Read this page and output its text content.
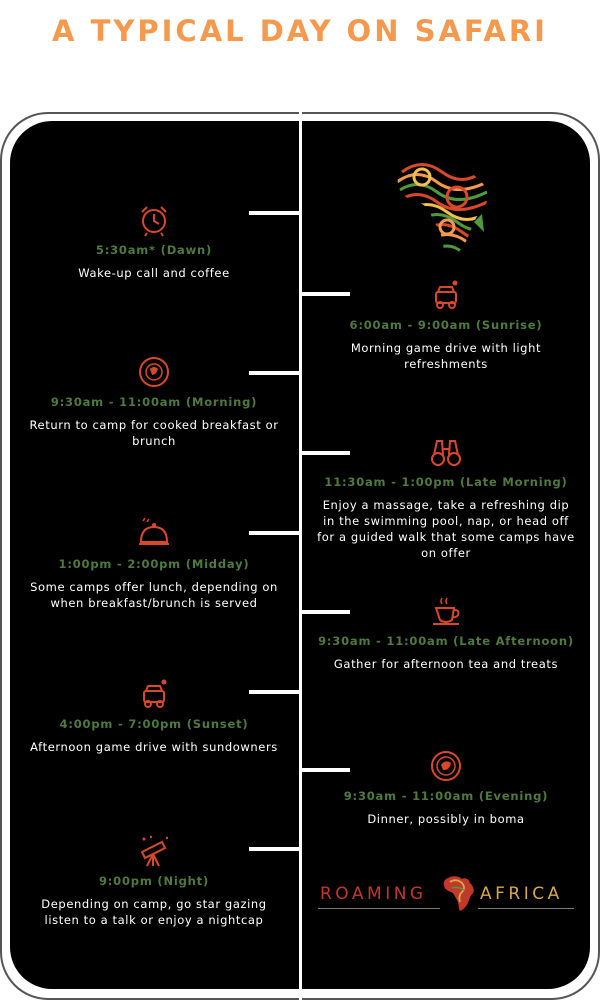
A TYPICAL DAY ON SAFARI
5:30am* (Dawn)
Wake-up call and coffee
6:00am - 9:00am (Sunrise)
Morning game drive with light refreshments
9:30am - 11:00am (Morning)
Return to camp for cooked breakfast or brunch
11:30am - 1:00pm (Late Morning)
Enjoy a massage, take a refreshing dip in the swimming pool, nap, or head off for a guided walk that some camps have on offer
1:00pm - 2:00pm (Midday)
Some camps offer lunch, depending on when breakfast/brunch is served
9:30am - 11:00am (Late Afternoon)
Gather for afternoon tea and treats
4:00pm - 7:00pm (Sunset)
Afternoon game drive with sundowners
9:30am - 11:00am (Evening)
Dinner, possibly in boma
9:00pm (Night)
Depending on camp, go star gazing listen to a talk or enjoy a nightcap
ROAMING	AFRICA
